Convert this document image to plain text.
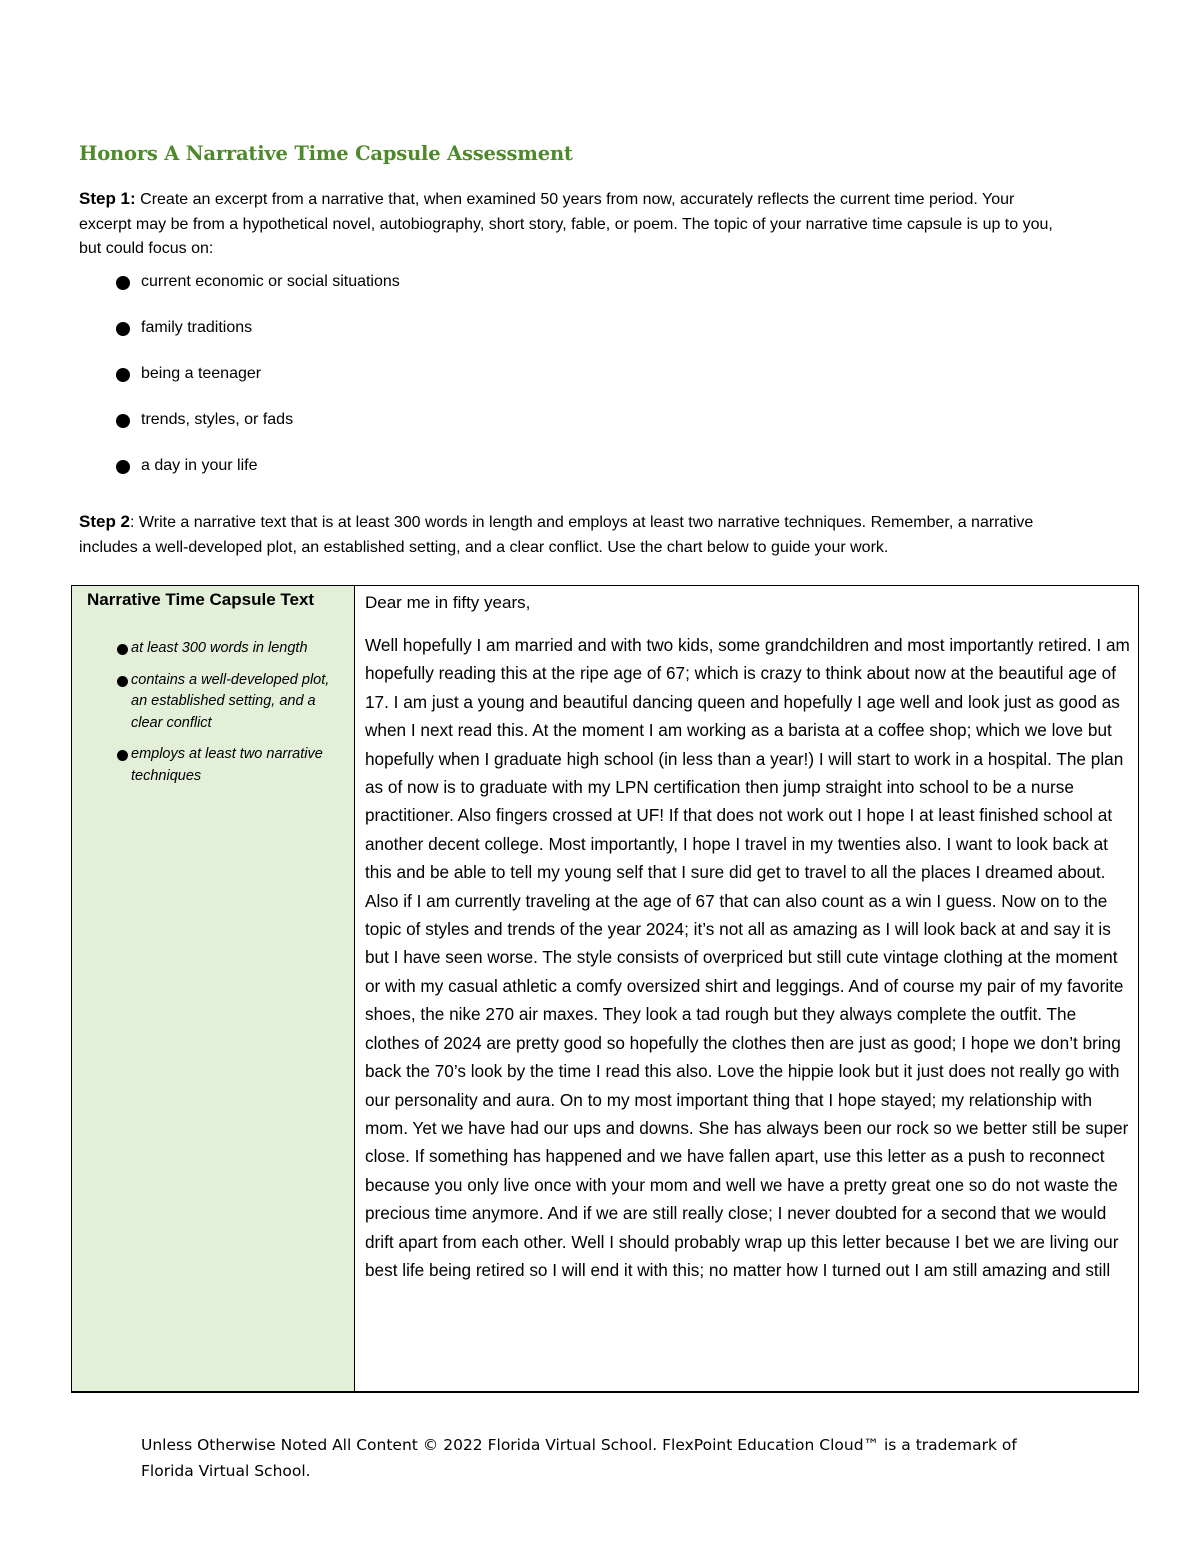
Honors A Narrative Time Capsule Assessment

Step 1: Create an excerpt from a narrative that, when examined 50 years from now, accurately reflects the current time period. Your excerpt may be from a hypothetical novel, autobiography, short story, fable, or poem. The topic of your narrative time capsule is up to you, but could focus on:

current economic or social situations
family traditions
being a teenager
trends, styles, or fads
a day in your life

Step 2: Write a narrative text that is at least 300 words in length and employs at least two narrative techniques. Remember, a narrative includes a well-developed plot, an established setting, and a clear conflict. Use the chart below to guide your work.

Narrative Time Capsule Text

at least 300 words in length
contains a well-developed plot, an established setting, and a clear conflict
employs at least two narrative techniques

Dear me in fifty years,

Well hopefully I am married and with two kids, some grandchildren and most importantly retired. I am hopefully reading this at the ripe age of 67; which is crazy to think about now at the beautiful age of 17. I am just a young and beautiful dancing queen and hopefully I age well and look just as good as when I next read this. At the moment I am working as a barista at a coffee shop; which we love but hopefully when I graduate high school (in less than a year!) I will start to work in a hospital. The plan as of now is to graduate with my LPN certification then jump straight into school to be a nurse practitioner. Also fingers crossed at UF! If that does not work out I hope I at least finished school at another decent college. Most importantly, I hope I travel in my twenties also. I want to look back at this and be able to tell my young self that I sure did get to travel to all the places I dreamed about. Also if I am currently traveling at the age of 67 that can also count as a win I guess. Now on to the topic of styles and trends of the year 2024; it’s not all as amazing as I will look back at and say it is but I have seen worse. The style consists of overpriced but still cute vintage clothing at the moment or with my casual athletic a comfy oversized shirt and leggings. And of course my pair of my favorite shoes, the nike 270 air maxes. They look a tad rough but they always complete the outfit. The clothes of 2024 are pretty good so hopefully the clothes then are just as good; I hope we don’t bring back the 70’s look by the time I read this also. Love the hippie look but it just does not really go with our personality and aura. On to my most important thing that I hope stayed; my relationship with mom. Yet we have had our ups and downs. She has always been our rock so we better still be super close. If something has happened and we have fallen apart, use this letter as a push to reconnect because you only live once with your mom and well we have a pretty great one so do not waste the precious time anymore. And if we are still really close; I never doubted for a second that we would drift apart from each other. Well I should probably wrap up this letter because I bet we are living our best life being retired so I will end it with this; no matter how I turned out I am still amazing and still

Unless Otherwise Noted All Content © 2022 Florida Virtual School. FlexPoint Education Cloud™ is a trademark of Florida Virtual School.
